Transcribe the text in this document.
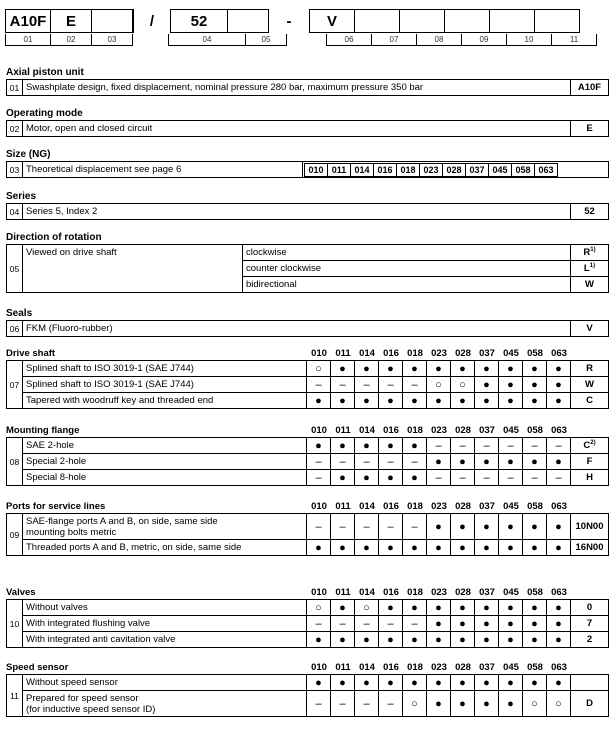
A10F	E	/	52	-	V
01	02	03	04	05	06	07	08	09	10	11
Axial piston unit
01	Swashplate design, fixed displacement, nominal pressure 280 bar, maximum pressure 350 bar	A10F
Operating mode
02	Motor, open and closed circuit	E
Size (NG)
03	Theoretical displacement see page 6	010 011 014 016 018 023 028 037 045 058 063
Series
04	Series 5, Index 2	52
Direction of rotation
05	Viewed on drive shaft	clockwise	$R^{1)}$
		counter clockwise	$L^{1)}$
		bidirectional	W
Seals
06	FKM (Fluoro-rubber)	V
Drive shaft	010 011 014 016 018 023 028 037 045 058 063
07	Splined shaft to ISO 3019-1 (SAE J744)	○	●	●	●	●	●	●	●	●	●	●	R
	Splined shaft to ISO 3019-1 (SAE J744)	–	–	–	–	–	○	○	●	●	●	●	W
	Tapered with woodruff key and threaded end	●	●	●	●	●	●	●	●	●	●	●	C
Mounting flange	010 011 014 016 018 023 028 037 045 058 063
08	SAE 2-hole	●	●	●	●	●	–	–	–	–	–	–	$C^{2)}$
	Special 2-hole	–	–	–	–	–	●	●	●	●	●	●	F
	Special 8-hole	–	●	●	●	●	–	–	–	–	–	–	H
Ports for service lines	010 011 014 016 018 023 028 037 045 058 063
09	SAE-flange ports A and B, on side, same side
mounting bolts metric	–	–	–	–	–	●	●	●	●	●	●	10N00
	Threaded ports A and B, metric, on side, same side	●	●	●	●	●	●	●	●	●	●	●	16N00
Valves	010 011 014 016 018 023 028 037 045 058 063
10	Without valves	○	●	○	●	●	●	●	●	●	●	●	0
	With integrated flushing valve	–	–	–	–	–	●	●	●	●	●	●	7
	With integrated anti cavitation valve	●	●	●	●	●	●	●	●	●	●	●	2
Speed sensor	010 011 014 016 018 023 028 037 045 058 063
11	Without speed sensor	●	●	●	●	●	●	●	●	●	●	●	
	Prepared for speed sensor
(for inductive speed sensor ID)	–	–	–	–	○	●	●	●	●	○	○	D
